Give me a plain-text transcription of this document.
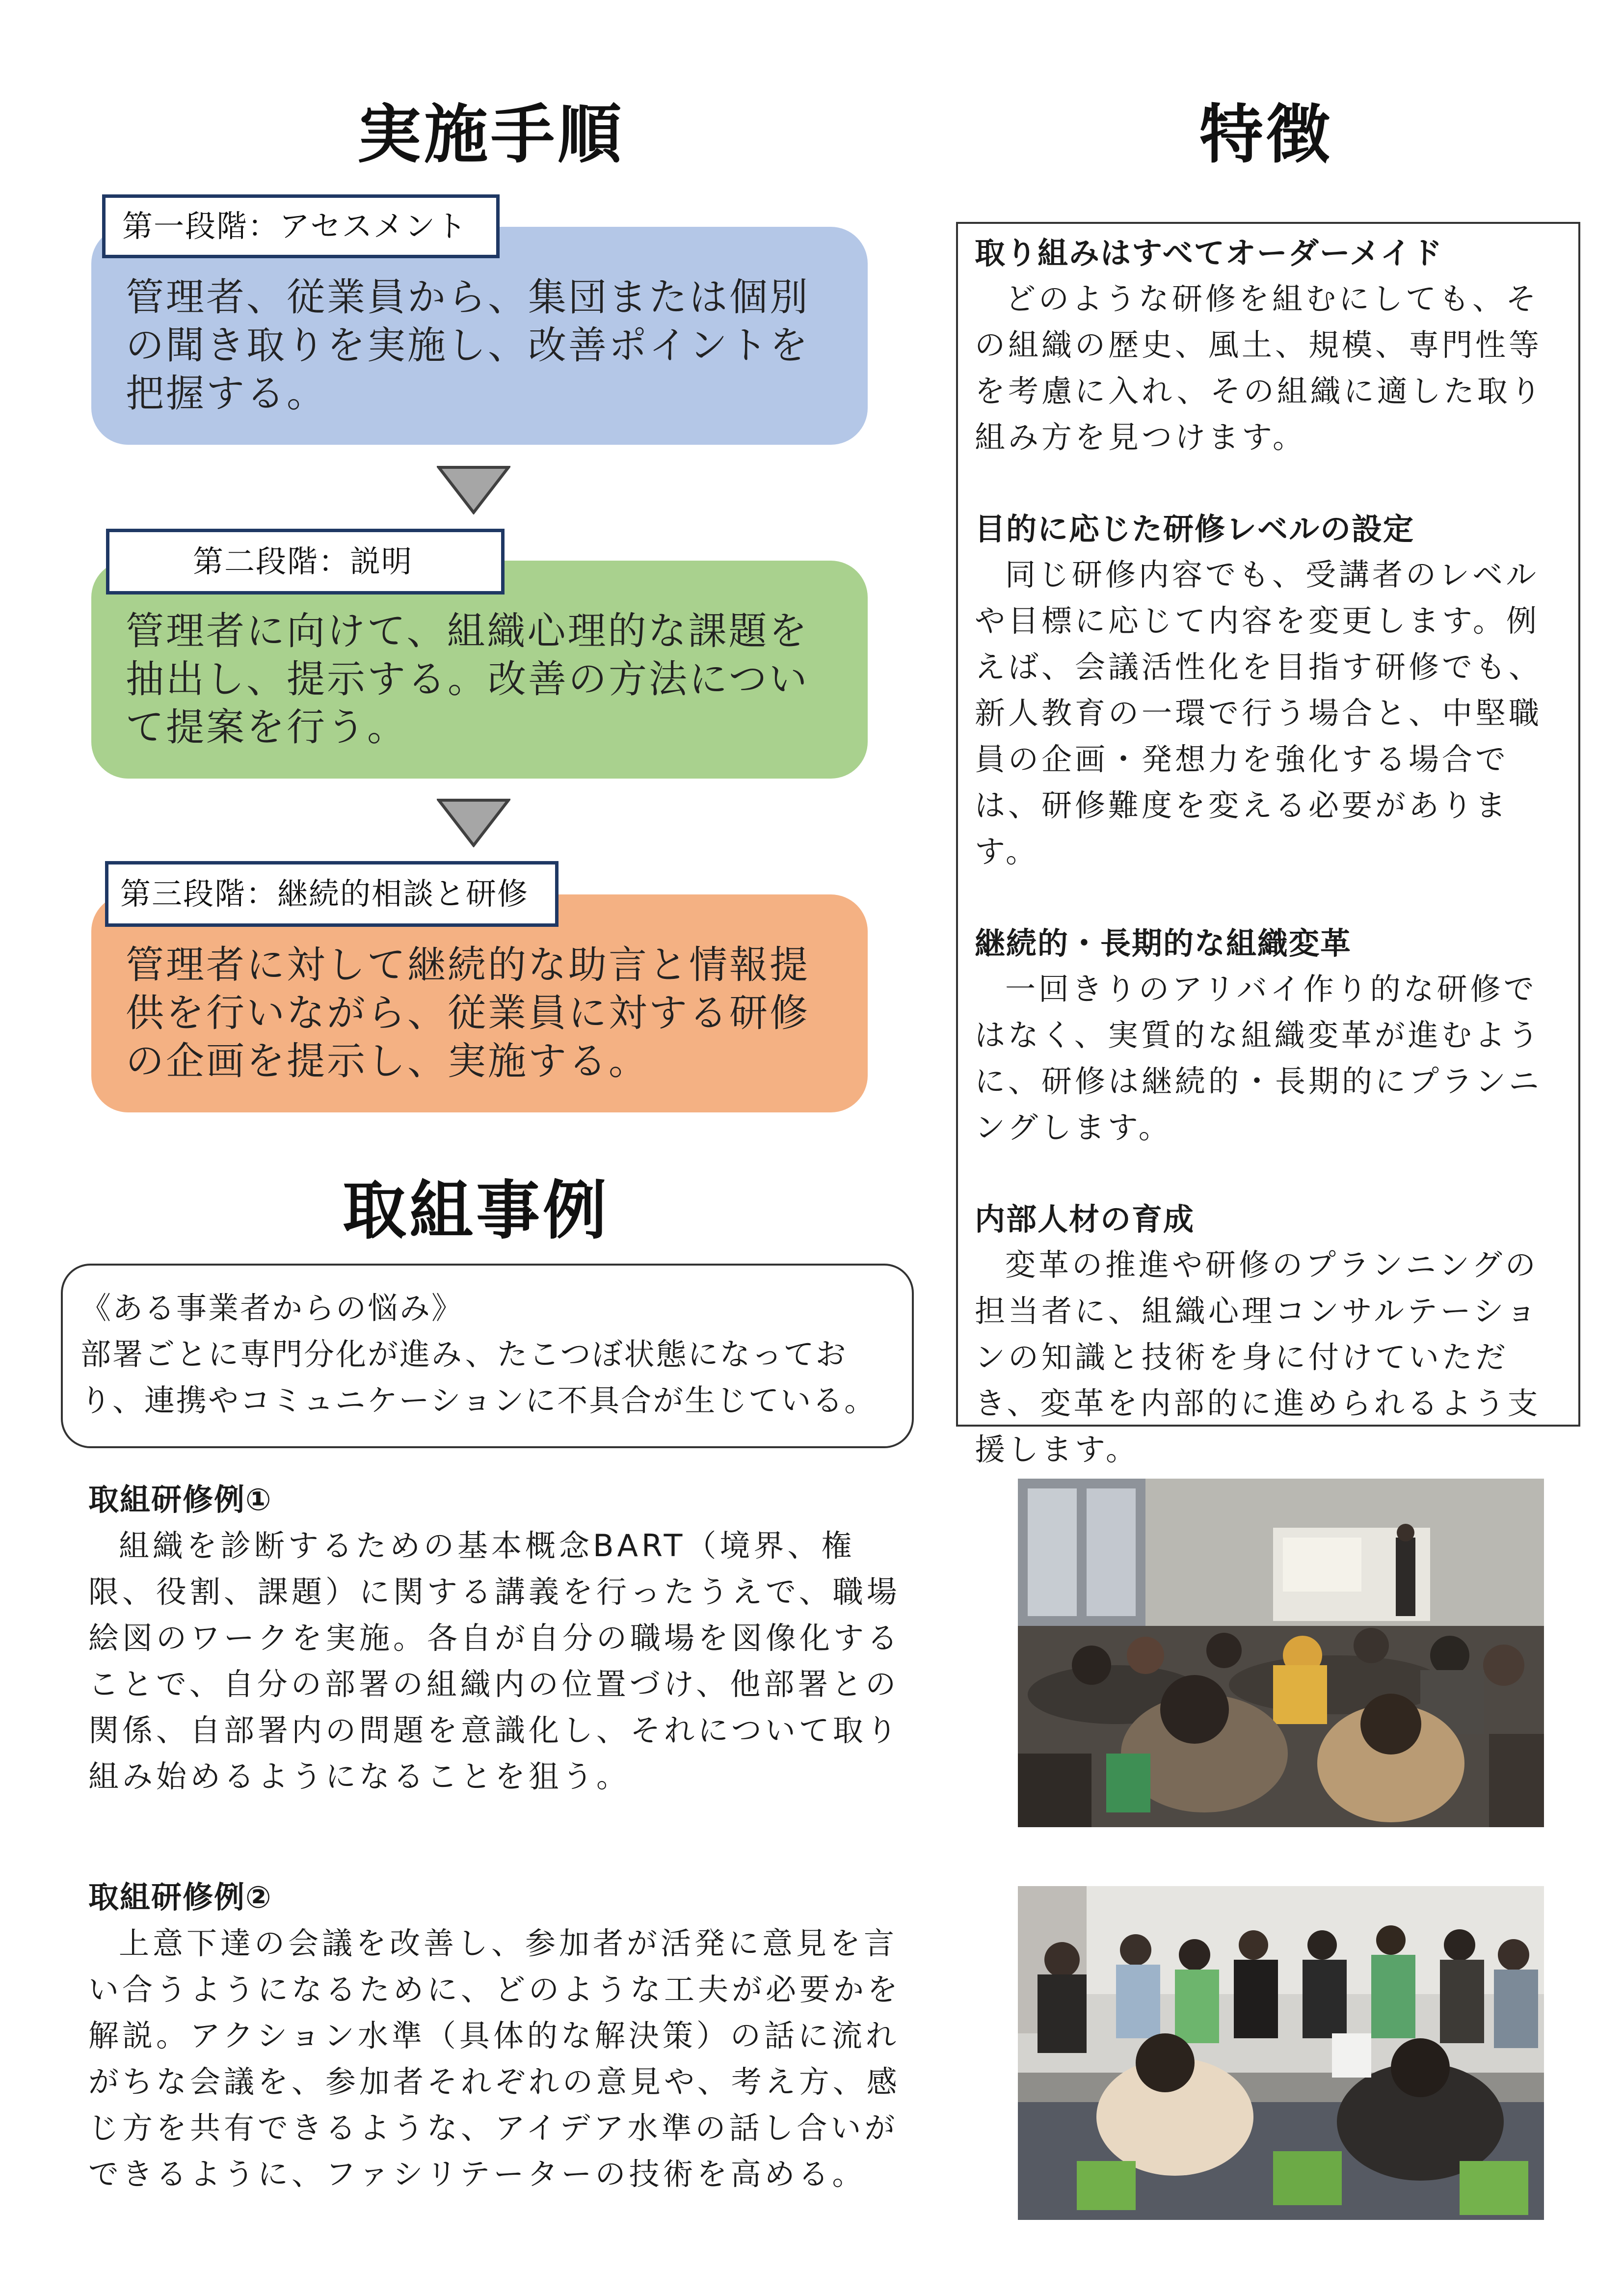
実施手順	特徴
管理者、従業員から、集団または個別の聞き取りを実施し、改善ポイントを把握する。
第一段階：アセスメント
管理者に向けて、組織心理的な課題を抽出し、提示する。改善の方法について提案を行う。
第二段階：説明
管理者に対して継続的な助言と情報提供を行いながら、従業員に対する研修の企画を提示し、実施する。
第三段階：継続的相談と研修
取組事例
《ある事業者からの悩み》
部署ごとに専門分化が進み、たこつぼ状態になっており、連携やコミュニケーションに不具合が生じている。

取組研修例①

組織を診断するための基本概念BART（境界、権限、役割、課題）に関する講義を行ったうえで、職場絵図のワークを実施。各自が自分の職場を図像化することで、自分の部署の組織内の位置づけ、他部署との関係、自部署内の問題を意識化し、それについて取り組み始めるようになることを狙う。

取組研修例②

上意下達の会議を改善し、参加者が活発に意見を言い合うようになるために、どのような工夫が必要かを解説。アクション水準（具体的な解決策）の話に流れがちな会議を、参加者それぞれの意見や、考え方、感じ方を共有できるような、アイデア水準の話し合いができるように、ファシリテーターの技術を高める。

取り組みはすべてオーダーメイド

どのような研修を組むにしても、その組織の歴史、風土、規模、専門性等を考慮に入れ、その組織に適した取り組み方を見つけます。

目的に応じた研修レベルの設定

同じ研修内容でも、受講者のレベルや目標に応じて内容を変更します。例えば、会議活性化を目指す研修でも、新人教育の一環で行う場合と、中堅職員の企画・発想力を強化する場合では、研修難度を変える必要があります。

継続的・長期的な組織変革

一回きりのアリバイ作り的な研修ではなく、実質的な組織変革が進むように、研修は継続的・長期的にプランニングします。

内部人材の育成

変革の推進や研修のプランニングの担当者に、組織心理コンサルテーションの知識と技術を身に付けていただき、変革を内部的に進められるよう支援します。
